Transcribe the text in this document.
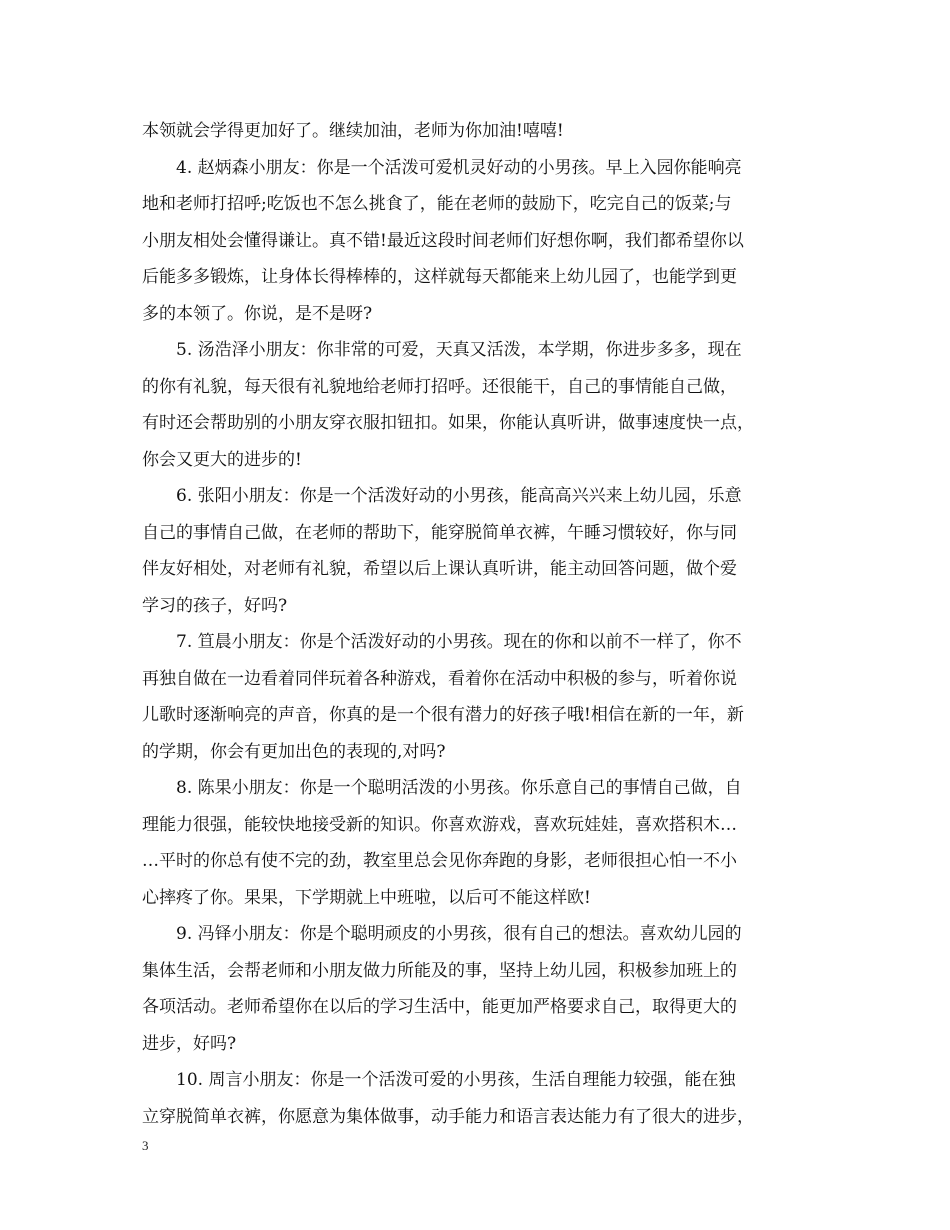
本领就会学得更加好了。继续加油，老师为你加油!嘻嘻!
4. 赵炳森小朋友：你是一个活泼可爱机灵好动的小男孩。早上入园你能响亮
地和老师打招呼;吃饭也不怎么挑食了，能在老师的鼓励下，吃完自己的饭菜;与
小朋友相处会懂得谦让。真不错!最近这段时间老师们好想你啊，我们都希望你以
后能多多锻炼，让身体长得棒棒的，这样就每天都能来上幼儿园了，也能学到更
多的本领了。你说，是不是呀?
5. 汤浩泽小朋友：你非常的可爱，天真又活泼，本学期，你进步多多，现在
的你有礼貌，每天很有礼貌地给老师打招呼。还很能干，自己的事情能自己做，
有时还会帮助别的小朋友穿衣服扣钮扣。如果，你能认真听讲，做事速度快一点，
你会又更大的进步的!
6. 张阳小朋友：你是一个活泼好动的小男孩，能高高兴兴来上幼儿园，乐意
自己的事情自己做，在老师的帮助下，能穿脱简单衣裤，午睡习惯较好，你与同
伴友好相处，对老师有礼貌，希望以后上课认真听讲，能主动回答问题，做个爱
学习的孩子，好吗?
7. 笪晨小朋友：你是个活泼好动的小男孩。现在的你和以前不一样了，你不
再独自做在一边看着同伴玩着各种游戏，看着你在活动中积极的参与，听着你说
儿歌时逐渐响亮的声音，你真的是一个很有潜力的好孩子哦!相信在新的一年，新
的学期，你会有更加出色的表现的,对吗?
8. 陈果小朋友：你是一个聪明活泼的小男孩。你乐意自己的事情自己做，自
理能力很强，能较快地接受新的知识。你喜欢游戏，喜欢玩娃娃，喜欢搭积木…
…平时的你总有使不完的劲，教室里总会见你奔跑的身影，老师很担心怕一不小
心摔疼了你。果果，下学期就上中班啦，以后可不能这样欧!
9. 冯铎小朋友：你是个聪明顽皮的小男孩，很有自己的想法。喜欢幼儿园的
集体生活，会帮老师和小朋友做力所能及的事，坚持上幼儿园，积极参加班上的
各项活动。老师希望你在以后的学习生活中，能更加严格要求自己，取得更大的
进步，好吗?
10. 周言小朋友：你是一个活泼可爱的小男孩，生活自理能力较强，能在独
立穿脱简单衣裤，你愿意为集体做事，动手能力和语言表达能力有了很大的进步，
3
